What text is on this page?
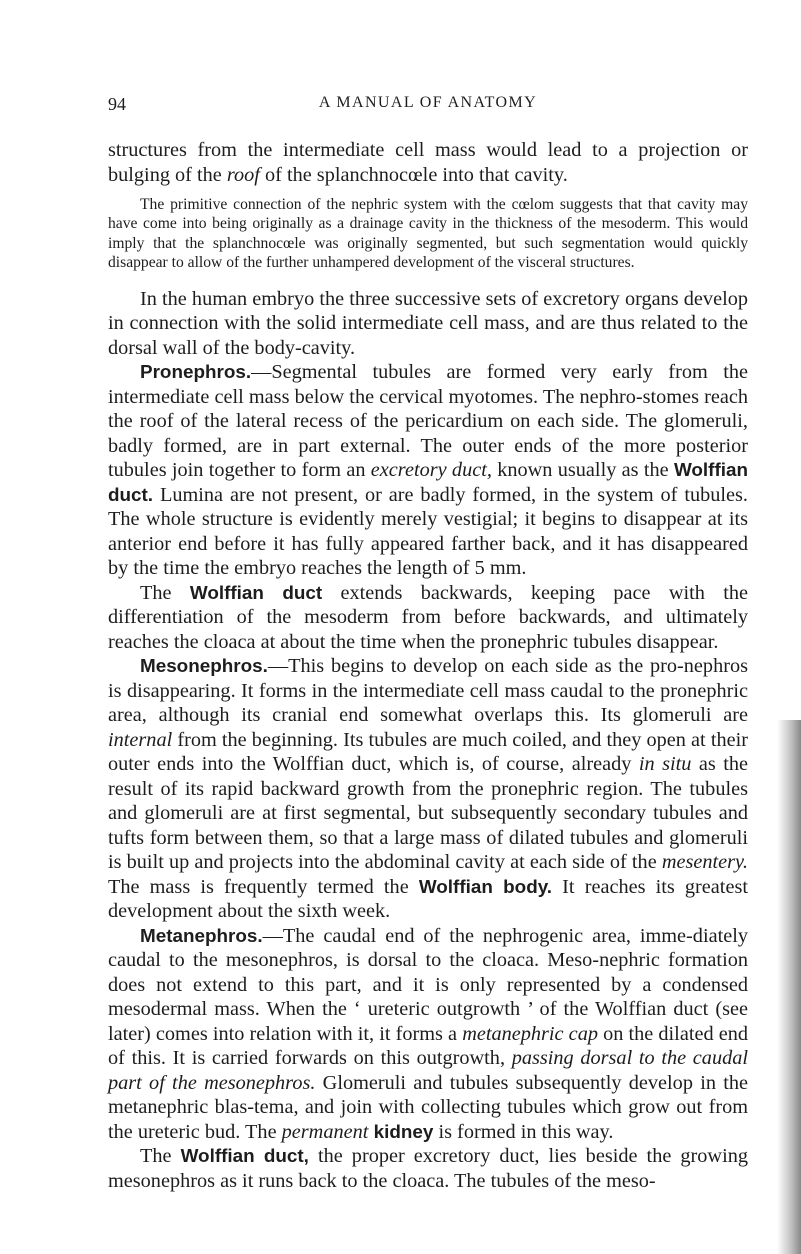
94	A MANUAL OF ANATOMY

structures from the intermediate cell mass would lead to a projection or bulging of the roof of the splanchnocœle into that cavity.

The primitive connection of the nephric system with the cœlom suggests that that cavity may have come into being originally as a drainage cavity in the thickness of the mesoderm. This would imply that the splanchnocœle was originally segmented, but such segmentation would quickly disappear to allow of the further unhampered development of the visceral structures.

In the human embryo the three successive sets of excretory organs develop in connection with the solid intermediate cell mass, and are thus related to the dorsal wall of the body-cavity.

Pronephros.—Segmental tubules are formed very early from the intermediate cell mass below the cervical myotomes. The nephro-stomes reach the roof of the lateral recess of the pericardium on each side. The glomeruli, badly formed, are in part external. The outer ends of the more posterior tubules join together to form an excretory duct, known usually as the Wolffian duct. Lumina are not present, or are badly formed, in the system of tubules. The whole structure is evidently merely vestigial; it begins to disappear at its anterior end before it has fully appeared farther back, and it has disappeared by the time the embryo reaches the length of 5 mm.

The Wolffian duct extends backwards, keeping pace with the differentiation of the mesoderm from before backwards, and ultimately reaches the cloaca at about the time when the pronephric tubules disappear.

Mesonephros.—This begins to develop on each side as the pro-nephros is disappearing. It forms in the intermediate cell mass caudal to the pronephric area, although its cranial end somewhat overlaps this. Its glomeruli are internal from the beginning. Its tubules are much coiled, and they open at their outer ends into the Wolffian duct, which is, of course, already in situ as the result of its rapid backward growth from the pronephric region. The tubules and glomeruli are at first segmental, but subsequently secondary tubules and tufts form between them, so that a large mass of dilated tubules and glomeruli is built up and projects into the abdominal cavity at each side of the mesentery. The mass is frequently termed the Wolffian body. It reaches its greatest development about the sixth week.

Metanephros.—The caudal end of the nephrogenic area, imme-diately caudal to the mesonephros, is dorsal to the cloaca. Meso-nephric formation does not extend to this part, and it is only represented by a condensed mesodermal mass. When the ‘ ureteric outgrowth ’ of the Wolffian duct (see later) comes into relation with it, it forms a metanephric cap on the dilated end of this. It is carried forwards on this outgrowth, passing dorsal to the caudal part of the mesonephros. Glomeruli and tubules subsequently develop in the metanephric blas-tema, and join with collecting tubules which grow out from the ureteric bud. The permanent kidney is formed in this way.

The Wolffian duct, the proper excretory duct, lies beside the growing mesonephros as it runs back to the cloaca. The tubules of the meso-
